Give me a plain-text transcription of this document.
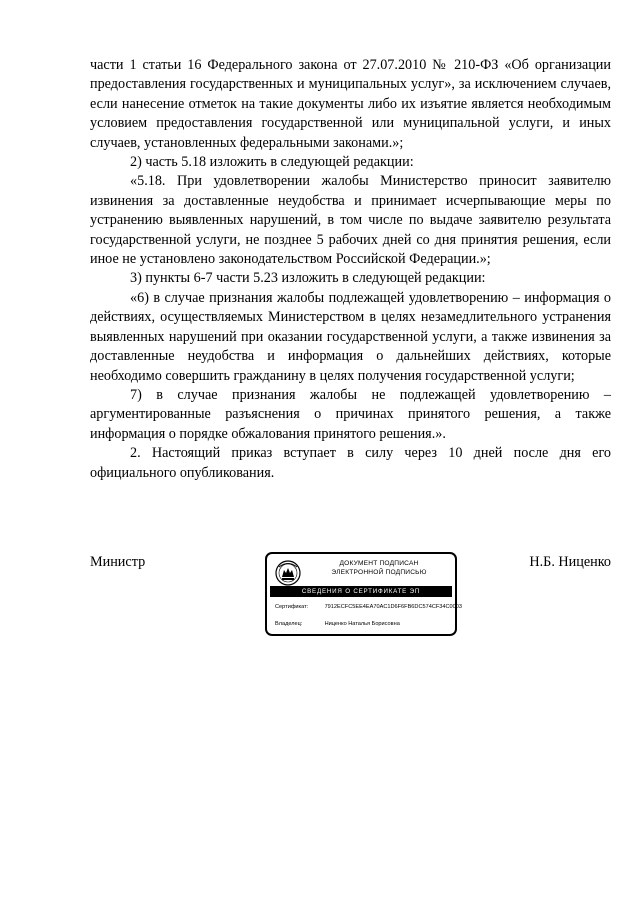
части 1 статьи 16 Федерального закона от 27.07.2010 № 210-ФЗ «Об организации предоставления государственных и муниципальных услуг», за исключением случаев, если нанесение отметок на такие документы либо их изъятие является необходимым условием предоставления государственной или муниципальной услуги, и иных случаев, установленных федеральными законами.»;

2) часть 5.18 изложить в следующей редакции:

«5.18. При удовлетворении жалобы Министерство приносит заявителю извинения за доставленные неудобства и принимает исчерпывающие меры по устранению выявленных нарушений, в том числе по выдаче заявителю результата государственной услуги, не позднее 5 рабочих дней со дня принятия решения, если иное не установлено законодательством Российской Федерации.»;

3) пункты 6-7 части 5.23 изложить в следующей редакции:

«6) в случае признания жалобы подлежащей удовлетворению – информация о действиях, осуществляемых Министерством в целях незамедлительного устранения выявленных нарушений при оказании государственной услуги, а также извинения за доставленные неудобства и информация о дальнейших действиях, которые необходимо совершить гражданину в целях получения государственной услуги;

7) в случае признания жалобы не подлежащей удовлетворению – аргументированные разъяснения о причинах принятого решения, а также информация о порядке обжалования принятого решения.».

2. Настоящий приказ вступает в силу через 10 дней после дня его официального опубликования.

Министр	ДОКУМЕНТ ПОДПИСАН
ЭЛЕКТРОННОЙ ПОДПИСЬЮ
СВЕДЕНИЯ О СЕРТИФИКАТЕ ЭП
Сертификат:	7912ECFC5EE4EA70AC1D6F6FB6DC574CF34C0003
Владелец:	Ниценко Наталья Борисовна
Н.Б. Ниценко
